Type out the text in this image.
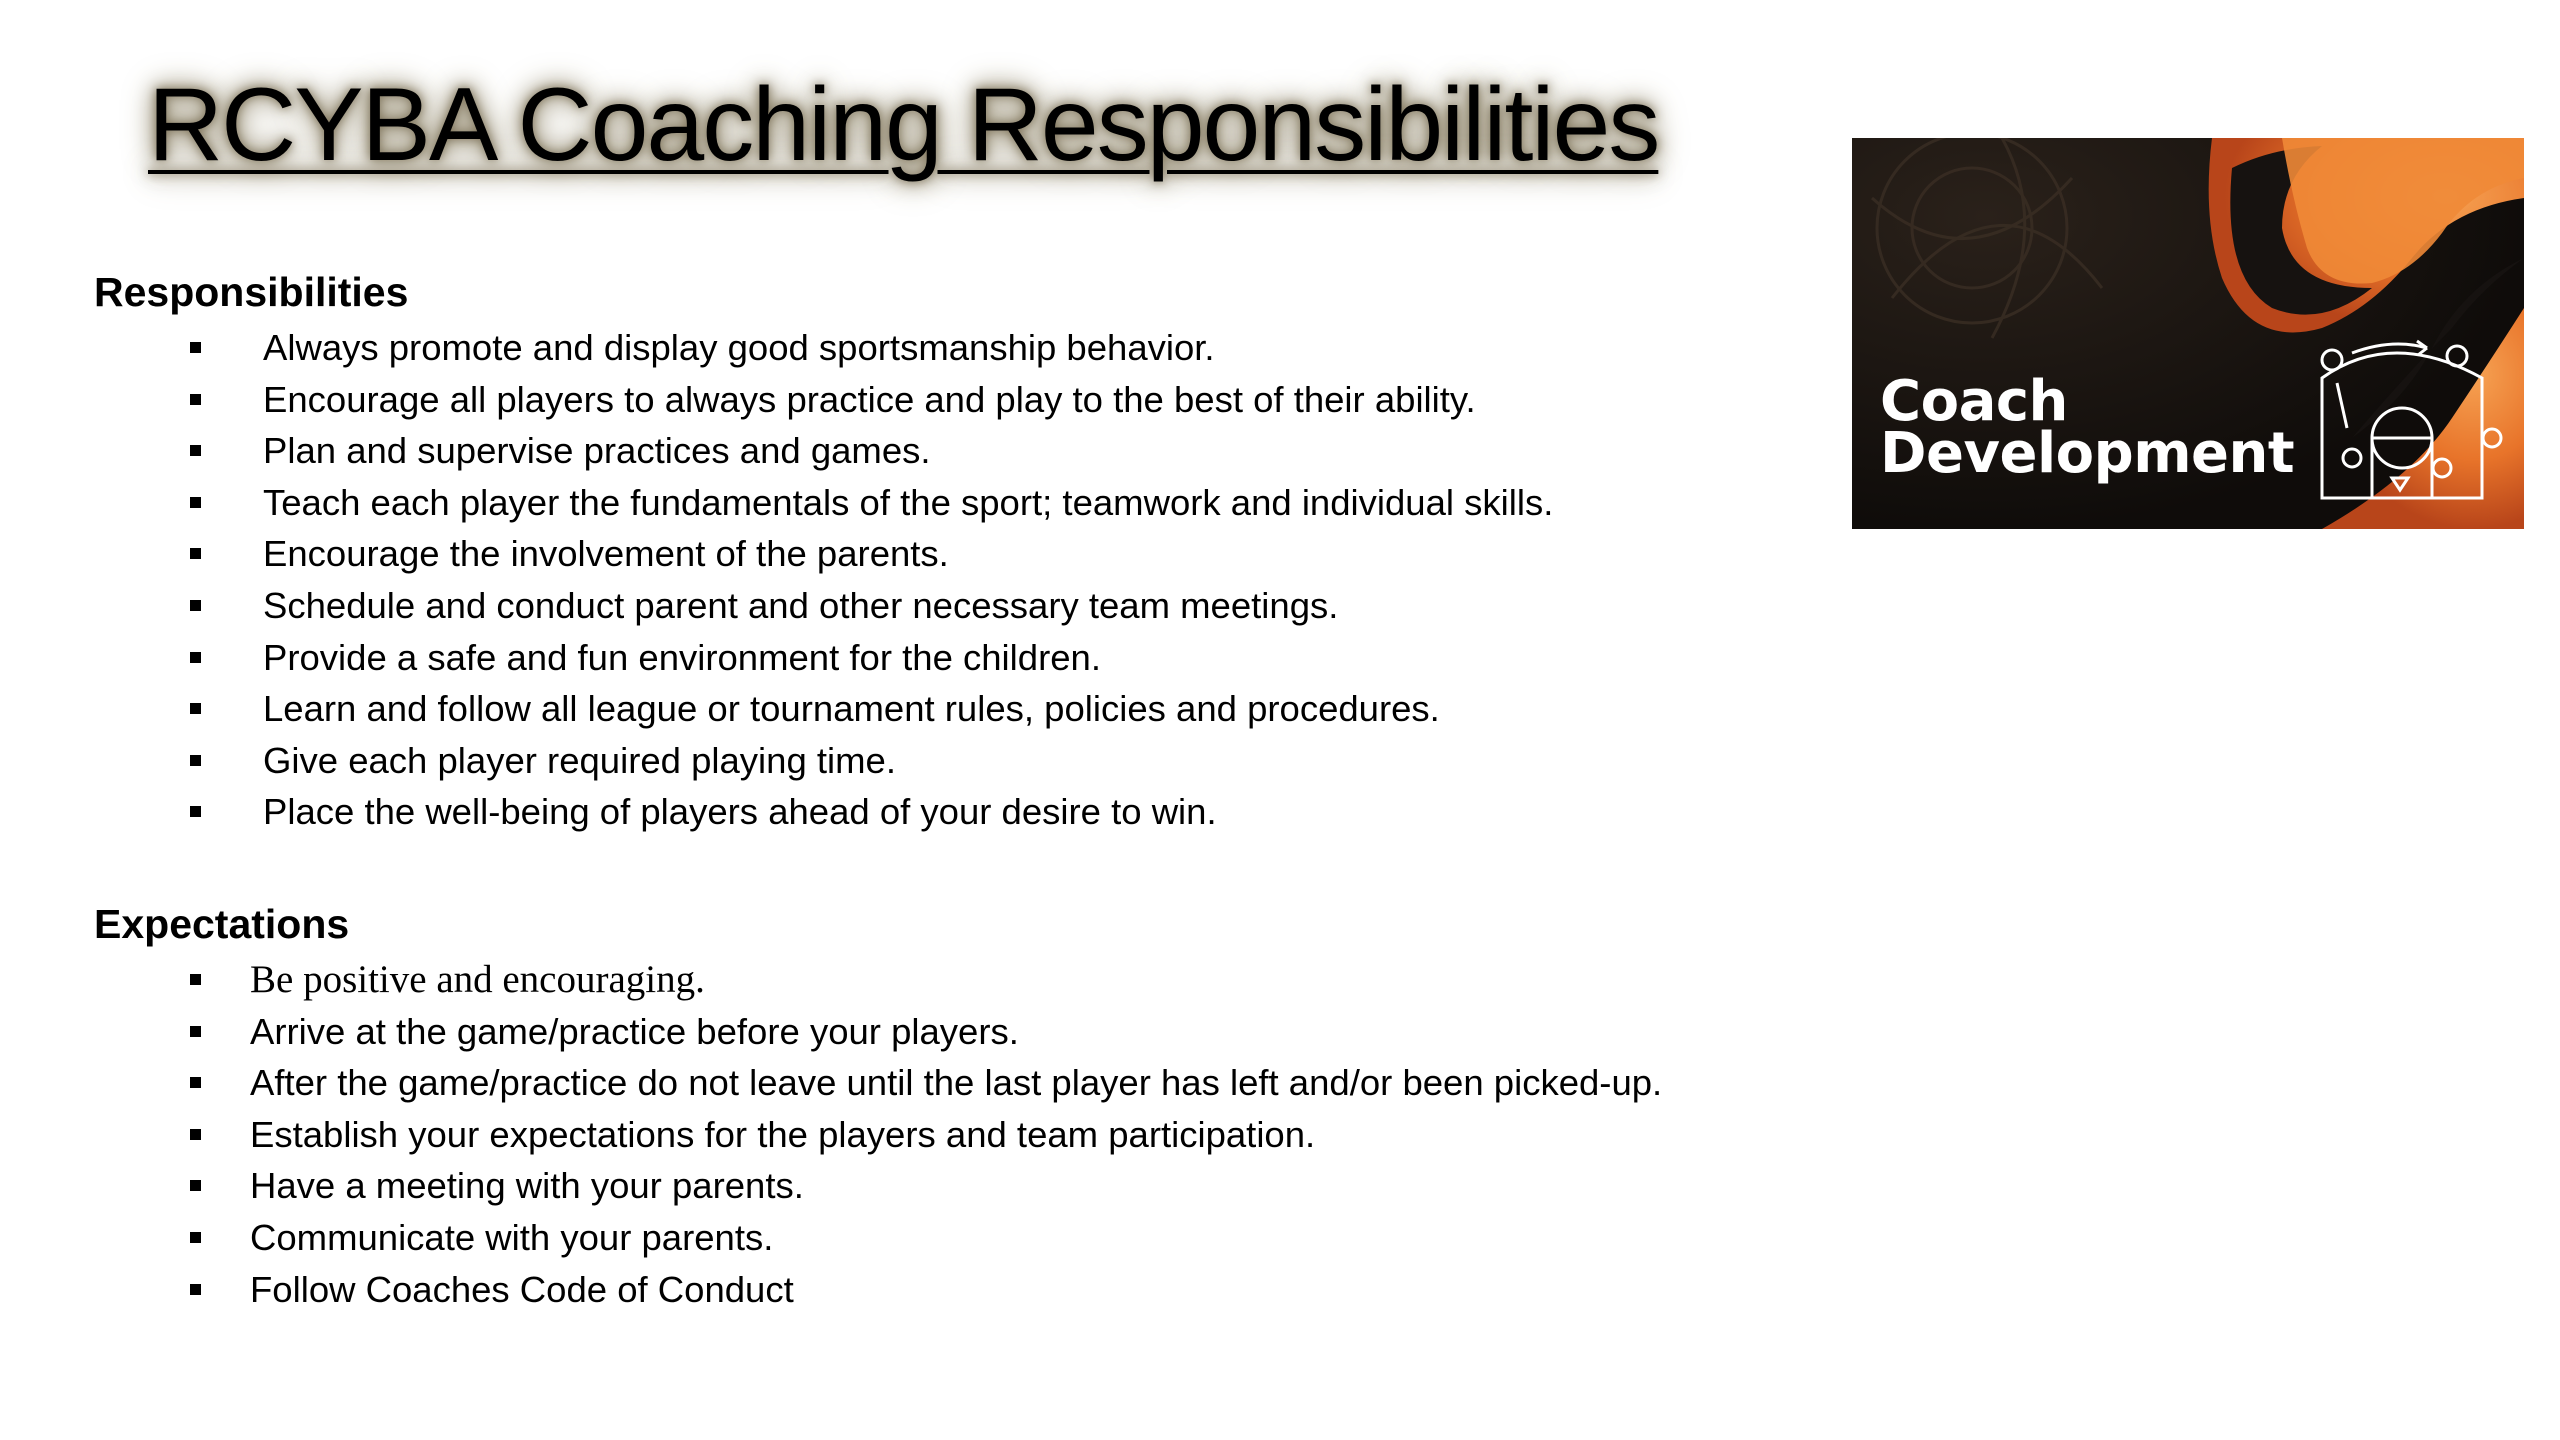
RCYBA Coaching Responsibilities
Responsibilities
Always promote and display good sportsmanship behavior.
Encourage all players to always practice and play to the best of their ability.
Plan and supervise practices and games.
Teach each player the fundamentals of the sport; teamwork and individual skills.
Encourage the involvement of the parents.
Schedule and conduct parent and other necessary team meetings.
Provide a safe and fun environment for the children.
Learn and follow all league or tournament rules, policies and procedures.
Give each player required playing time.
Place the well-being of players ahead of your desire to win.
Expectations
Be positive and encouraging.
Arrive at the game/practice before your players.
After the game/practice do not leave until the last player has left and/or been picked-up.
Establish your expectations for the players and team participation.
Have a meeting with your parents.
Communicate with your parents.
Follow Coaches Code of Conduct
Coach
Development
